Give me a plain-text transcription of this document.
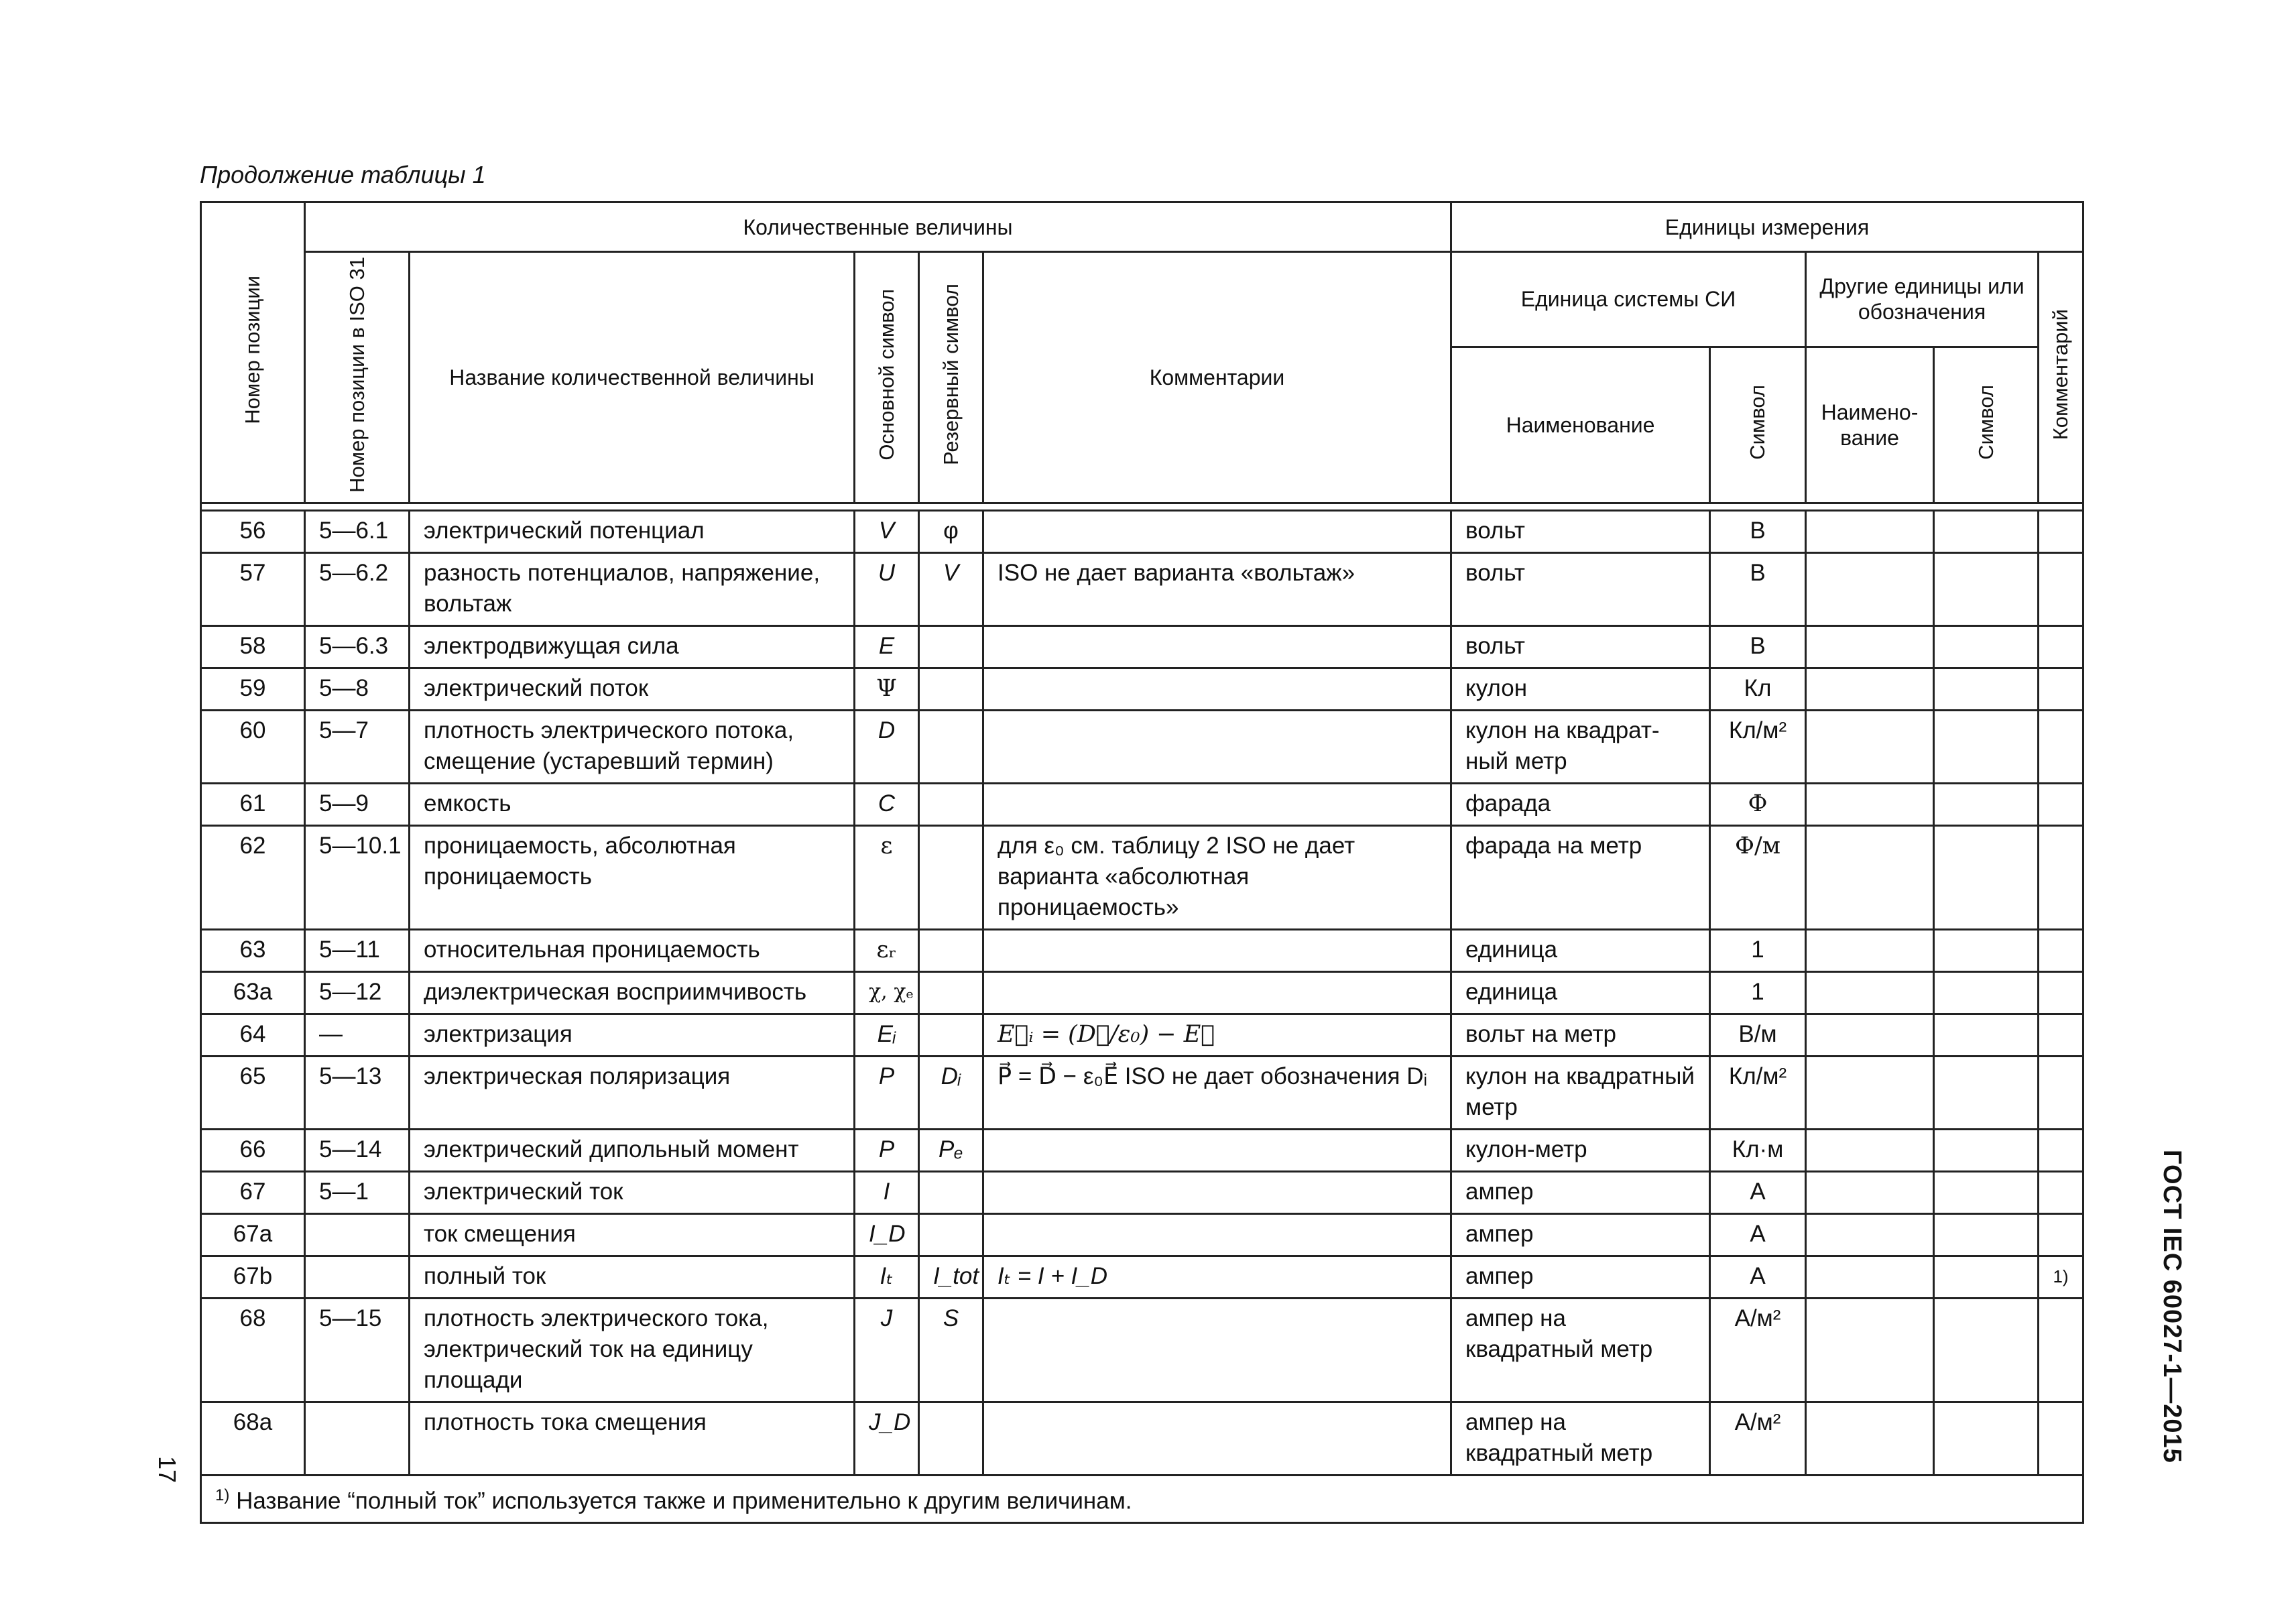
Продолжение таблицы 1
Номер позиции	Количественные величины					Единицы измерения				
	Номер позиции в ISO 31	Название количественной величины	Основной символ	Резервный символ	Комментарии	Единица системы СИ		Другие единицы или обозначения		Комментарий
						Наименование	Символ	Наимено-вание	Символ	

56	5—6.1	электрический потенциал	V	φ		вольт	В			
57	5—6.2	разность потенциалов, напряжение, вольтаж	U	V	ISO не дает варианта «вольтаж»	вольт	В			
58	5—6.3	электродвижущая сила	E			вольт	В			
59	5—8	электрический поток	Ψ			кулон	Кл			
60	5—7	плотность электрического потока, смещение (устаревший термин)	D			кулон на квадрат-ный метр	Кл/м²			
61	5—9	емкость	C			фарада	Ф			
62	5—10.1	проницаемость, абсолютная проницаемость	ε		для ε₀ см. таблицу 2 ISO не дает варианта «абсолютная проницаемость»	фарада на метр	Ф/м			
63	5—11	относительная проницаемость	εᵣ			единица	1			
63a	5—12	диэлектрическая восприимчивость	χ, χₑ			единица	1			
64	—	электризация	Eᵢ		E⃗ᵢ = (D⃗/ε₀) − E⃗	вольт на метр	В/м			
65	5—13	электрическая поляризация	P	Dᵢ	P⃗ = D⃗ − ε₀E⃗ ISO не дает обозначения Dᵢ	кулон на квадратный метр	Кл/м²			
66	5—14	электрический дипольный момент	P	Pₑ		кулон-метр	Кл·м			
67	5—1	электрический ток	I			ампер	А			
67a		ток смещения	I_D			ампер	А			
67b		полный ток	Iₜ	I_tot	Iₜ = I + I_D	ампер	А			1)
68	5—15	плотность электрического тока, электрический ток на единицу площади	J	S		ампер на квадратный метр	А/м²			
68a		плотность тока смещения	J_D			ампер на квадратный метр	А/м²			
$^{1)}$ Название “полный ток” используется также и применительно к другим величинам.										
ГОСТ IEC 60027-1—2015
17
